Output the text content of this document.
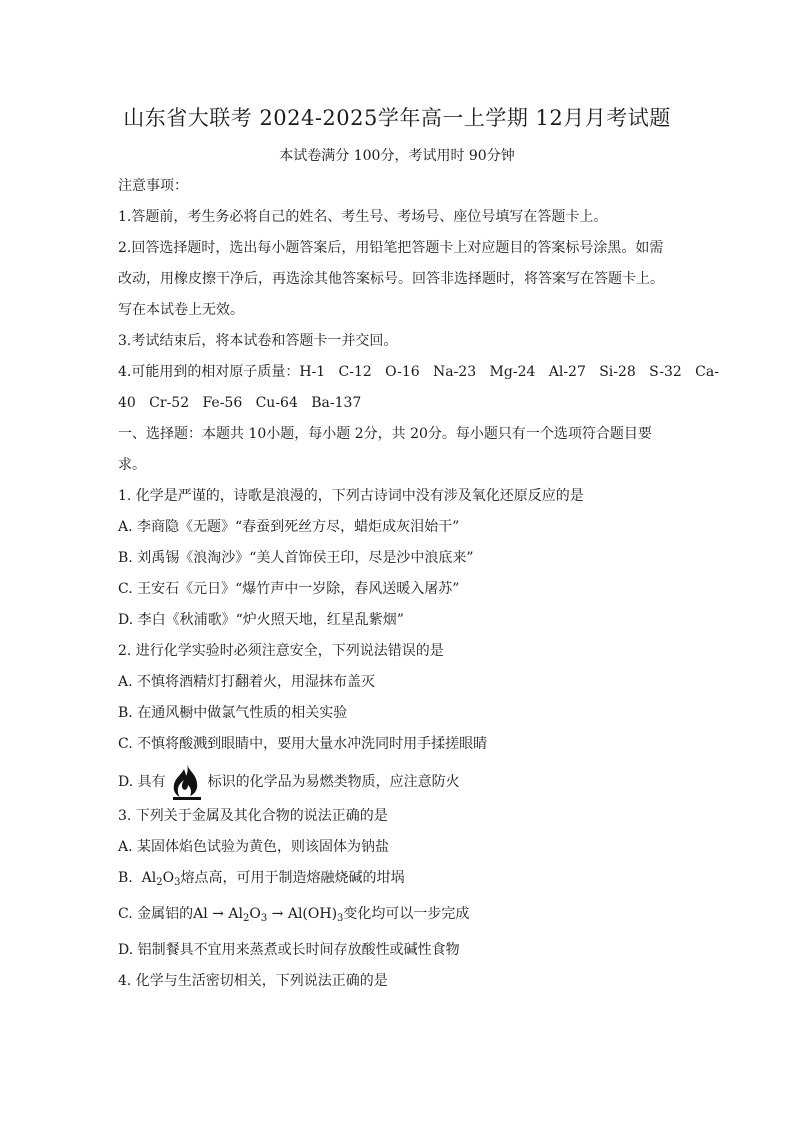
山东省大联考 2024-2025学年高一上学期 12月月考试题
本试卷满分 100分，考试用时 90分钟

注意事项：

1.答题前，考生务必将自己的姓名、考生号、考场号、座位号填写在答题卡上。

2.回答选择题时，选出每小题答案后，用铅笔把答题卡上对应题目的答案标号涂黑。如需

改动，用橡皮擦干净后，再选涂其他答案标号。回答非选择题时，将答案写在答题卡上。

写在本试卷上无效。

3.考试结束后，将本试卷和答题卡一并交回。

4.可能用到的相对原子质量：H-1   C-12   O-16   Na-23   Mg-24   Al-27   Si-28   S-32   Ca-

40   Cr-52   Fe-56   Cu-64   Ba-137

一、选择题：本题共 10小题，每小题 2分，共 20分。每小题只有一个选项符合题目要

求。

1. 化学是严谨的，诗歌是浪漫的，下列古诗词中没有涉及氧化还原反应的是

A. 李商隐《无题》“春蚕到死丝方尽，蜡炬成灰泪始干”

B. 刘禹锡《浪淘沙》“美人首饰侯王印，尽是沙中浪底来”

C. 王安石《元日》“爆竹声中一岁除，春风送暖入屠苏”

D. 李白《秋浦歌》“炉火照天地，红星乱紫烟”

2. 进行化学实验时必须注意安全，下列说法错误的是

A. 不慎将酒精灯打翻着火，用湿抹布盖灭

B. 在通风橱中做氯气性质的相关实验

C. 不慎将酸溅到眼睛中，要用大量水冲洗同时用手揉搓眼睛

D. 具有	标识的化学品为易燃类物质，应注意防火

3. 下列关于金属及其化合物的说法正确的是

A. 某固体焰色试验为黄色，则该固体为钠盐

B. $Al_2O_3$熔点高，可用于制造熔融烧碱的坩埚

C. 金属铝的$Al \to Al_2O_3 \to Al(OH)_3$变化均可以一步完成

D. 铝制餐具不宜用来蒸煮或长时间存放酸性或碱性食物

4. 化学与生活密切相关，下列说法正确的是
